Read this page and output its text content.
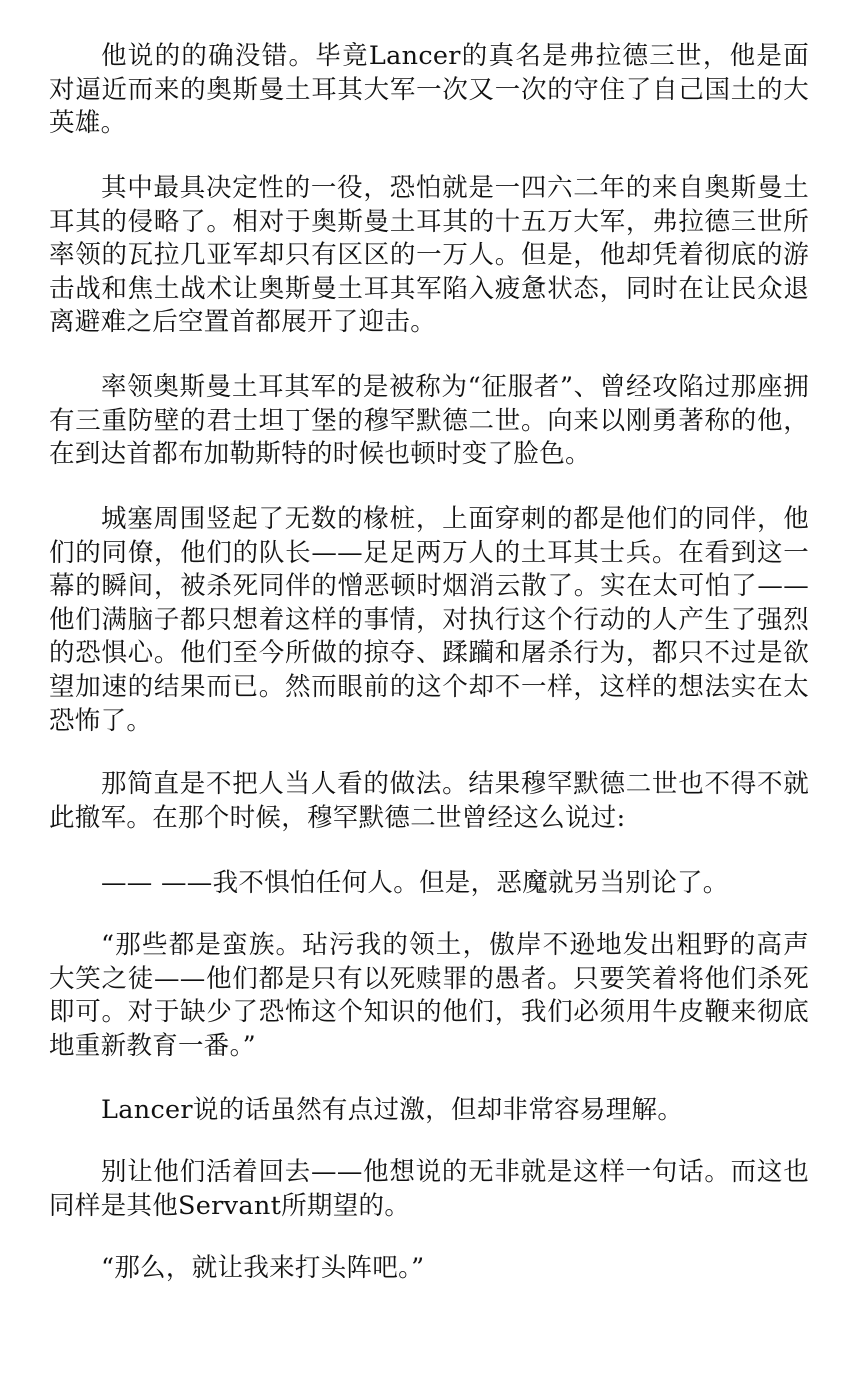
他说的的确没错。毕竟Lancer的真名是弗拉德三世，他是面对逼近而来的奥斯曼土耳其大军一次又一次的守住了自己国土的大英雄。

其中最具决定性的一役，恐怕就是一四六二年的来自奥斯曼土耳其的侵略了。相对于奥斯曼土耳其的十五万大军，弗拉德三世所率领的瓦拉几亚军却只有区区的一万人。但是，他却凭着彻底的游击战和焦土战术让奥斯曼土耳其军陷入疲惫状态，同时在让民众退离避难之后空置首都展开了迎击。

率领奥斯曼土耳其军的是被称为“征服者”、曾经攻陷过那座拥有三重防壁的君士坦丁堡的穆罕默德二世。向来以刚勇著称的他，在到达首都布加勒斯特的时候也顿时变了脸色。

城塞周围竖起了无数的椽桩，上面穿刺的都是他们的同伴，他们的同僚，他们的队长——足足两万人的土耳其士兵。在看到这一幕的瞬间，被杀死同伴的憎恶顿时烟消云散了。实在太可怕了——他们满脑子都只想着这样的事情，对执行这个行动的人产生了强烈的恐惧心。他们至今所做的掠夺、蹂躏和屠杀行为，都只不过是欲望加速的结果而已。然而眼前的这个却不一样，这样的想法实在太恐怖了。

那简直是不把人当人看的做法。结果穆罕默德二世也不得不就此撤军。在那个时候，穆罕默德二世曾经这么说过:

—— ——我不惧怕任何人。但是，恶魔就另当别论了。

“那些都是蛮族。玷污我的领土，傲岸不逊地发出粗野的高声大笑之徒——他们都是只有以死赎罪的愚者。只要笑着将他们杀死即可。对于缺少了恐怖这个知识的他们，我们必须用牛皮鞭来彻底地重新教育一番。”

Lancer说的话虽然有点过激，但却非常容易理解。

别让他们活着回去——他想说的无非就是这样一句话。而这也同样是其他Servant所期望的。

“那么，就让我来打头阵吧。”
